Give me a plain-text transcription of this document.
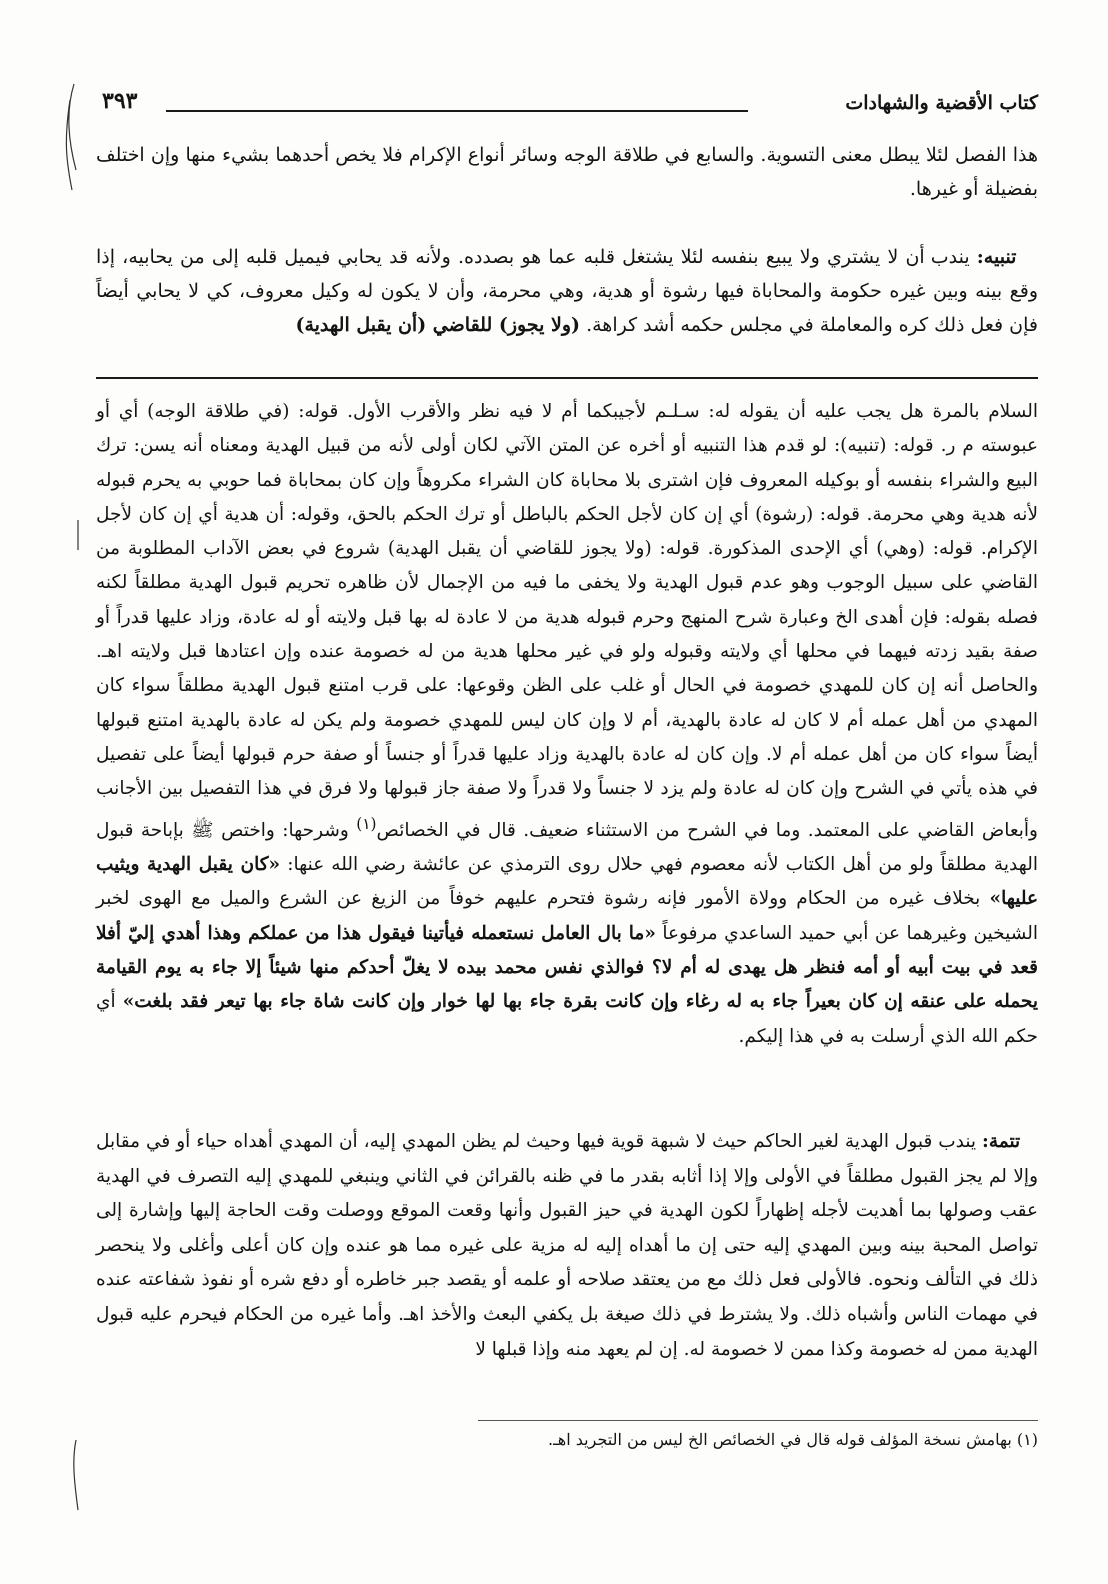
كتاب الأقضية والشهادات
٣٩٣

هذا الفصل لئلا يبطل معنى التسوية. والسابع في طلاقة الوجه وسائر أنواع الإكرام فلا يخص أحدهما بشيء منها وإن اختلف بفضيلة أو غيرها.

تنبيه: يندب أن لا يشتري ولا يبيع بنفسه لئلا يشتغل قلبه عما هو بصدده. ولأنه قد يحابي فيميل قلبه إلى من يحابيه، إذا وقع بينه وبين غيره حكومة والمحاباة فيها رشوة أو هدية، وهي محرمة، وأن لا يكون له وكيل معروف، كي لا يحابي أيضاً فإن فعل ذلك كره والمعاملة في مجلس حكمه أشد كراهة. (ولا يجوز) للقاضي (أن يقبل الهدية)

السلام بالمرة هل يجب عليه أن يقوله له: سـلـم لأجيبكما أم لا فيه نظر والأقرب الأول. قوله: (في طلاقة الوجه) أي أو عبوسته م ر. قوله: (تنبيه): لو قدم هذا التنبيه أو أخره عن المتن الآتي لكان أولى لأنه من قبيل الهدية ومعناه أنه يسن: ترك البيع والشراء بنفسه أو بوكيله المعروف فإن اشترى بلا محاباة كان الشراء مكروهاً وإن كان بمحاباة فما حوبي به يحرم قبوله لأنه هدية وهي محرمة. قوله: (رشوة) أي إن كان لأجل الحكم بالباطل أو ترك الحكم بالحق، وقوله: أن هدية أي إن كان لأجل الإكرام. قوله: (وهي) أي الإحدى المذكورة. قوله: (ولا يجوز للقاضي أن يقبل الهدية) شروع في بعض الآداب المطلوبة من القاضي على سبيل الوجوب وهو عدم قبول الهدية ولا يخفى ما فيه من الإجمال لأن ظاهره تحريم قبول الهدية مطلقاً لكنه فصله بقوله: فإن أهدى الخ وعبارة شرح المنهج وحرم قبوله هدية من لا عادة له بها قبل ولايته أو له عادة، وزاد عليها قدراً أو صفة بقيد زدته فيهما في محلها أي ولايته وقبوله ولو في غير محلها هدية من له خصومة عنده وإن اعتادها قبل ولايته اهـ. والحاصل أنه إن كان للمهدي خصومة في الحال أو غلب على الظن وقوعها: على قرب امتنع قبول الهدية مطلقاً سواء كان المهدي من أهل عمله أم لا كان له عادة بالهدية، أم لا وإن كان ليس للمهدي خصومة ولم يكن له عادة بالهدية امتنع قبولها أيضاً سواء كان من أهل عمله أم لا. وإن كان له عادة بالهدية وزاد عليها قدراً أو جنساً أو صفة حرم قبولها أيضاً على تفصيل في هذه يأتي في الشرح وإن كان له عادة ولم يزد لا جنساً ولا قدراً ولا صفة جاز قبولها ولا فرق في هذا التفصيل بين الأجانب وأبعاض القاضي على المعتمد. وما في الشرح من الاستثناء ضعيف. قال في الخصائص$^{(١)}$ وشرحها: واختص ﷺ بإباحة قبول الهدية مطلقاً ولو من أهل الكتاب لأنه معصوم فهي حلال روى الترمذي عن عائشة رضي الله عنها: «كان يقبل الهدية ويثيب عليها» بخلاف غيره من الحكام وولاة الأمور فإنه رشوة فتحرم عليهم خوفاً من الزيغ عن الشرع والميل مع الهوى لخبر الشيخين وغيرهما عن أبي حميد الساعدي مرفوعاً «ما بال العامل نستعمله فيأتينا فيقول هذا من عملكم وهذا أهدي إليّ أفلا قعد في بيت أبيه أو أمه فنظر هل يهدى له أم لا؟ فوالذي نفس محمد بيده لا يغلّ أحدكم منها شيئاً إلا جاء به يوم القيامة يحمله على عنقه إن كان بعيراً جاء به له رغاء وإن كانت بقرة جاء بها لها خوار وإن كانت شاة جاء بها تيعر فقد بلغت» أي حكم الله الذي أرسلت به في هذا إليكم.

تتمة: يندب قبول الهدية لغير الحاكم حيث لا شبهة قوية فيها وحيث لم يظن المهدي إليه، أن المهدي أهداه حياء أو في مقابل وإلا لم يجز القبول مطلقاً في الأولى وإلا إذا أثابه بقدر ما في ظنه بالقرائن في الثاني وينبغي للمهدي إليه التصرف في الهدية عقب وصولها بما أهديت لأجله إظهاراً لكون الهدية في حيز القبول وأنها وقعت الموقع ووصلت وقت الحاجة إليها وإشارة إلى تواصل المحبة بينه وبين المهدي إليه حتى إن ما أهداه إليه له مزية على غيره مما هو عنده وإن كان أعلى وأغلى ولا ينحصر ذلك في التألف ونحوه. فالأولى فعل ذلك مع من يعتقد صلاحه أو علمه أو يقصد جبر خاطره أو دفع شره أو نفوذ شفاعته عنده في مهمات الناس وأشباه ذلك. ولا يشترط في ذلك صيغة بل يكفي البعث والأخذ اهـ. وأما غيره من الحكام فيحرم عليه قبول الهدية ممن له خصومة وكذا ممن لا خصومة له. إن لم يعهد منه وإذا قبلها لا

(١) بهامش نسخة المؤلف قوله قال في الخصائص الخ ليس من التجريد اهـ.
